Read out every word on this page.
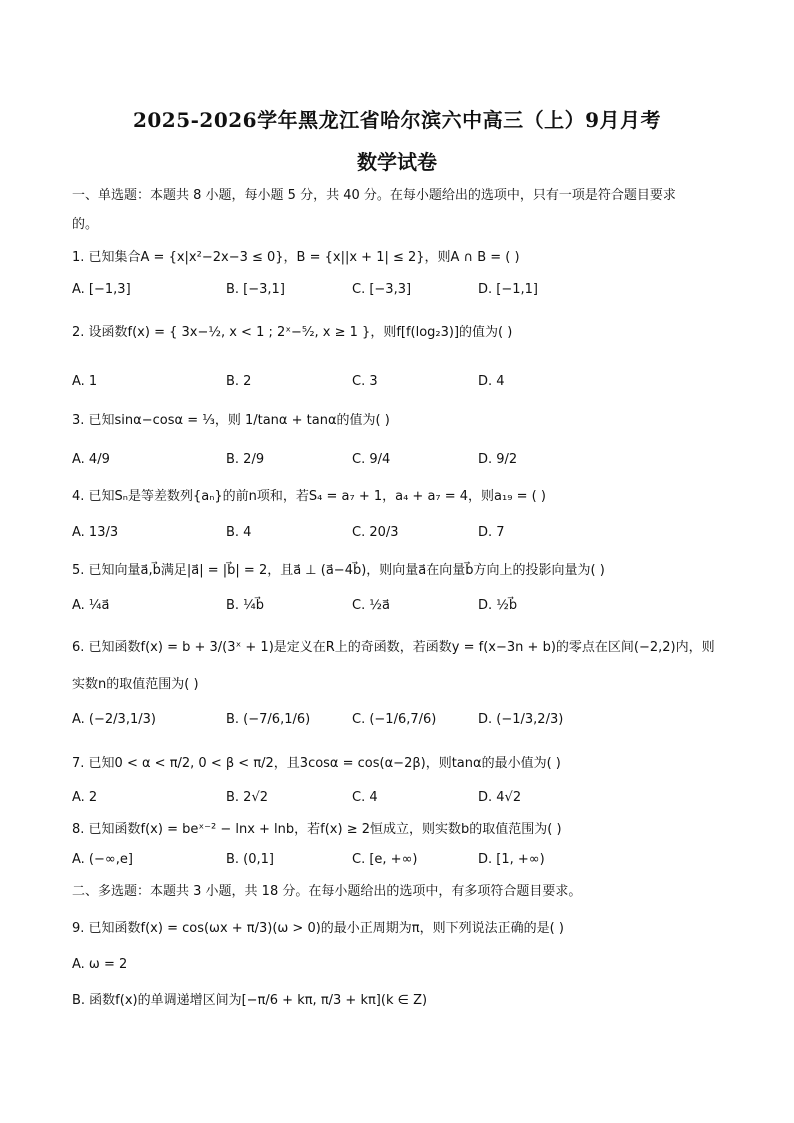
2025-2026学年黑龙江省哈尔滨六中高三（上）9月月考
数学试卷
一、单选题：本题共 8 小题，每小题 5 分，共 40 分。在每小题给出的选项中，只有一项是符合题目要求
的。
1. 已知集合A = {x|x²−2x−3 ≤ 0}，B = {x||x + 1| ≤ 2}，则A ∩ B = ( )
A. [−1,3]	B. [−3,1]	C. [−3,3]	D. [−1,1]
2. 设函数f(x) = { 3x−½, x < 1 ; 2ˣ−⁵⁄₂, x ≥ 1 }，则f[f(log₂3)]的值为( )
A. 1	B. 2	C. 3	D. 4
3. 已知sinα−cosα = ⅓，则 1/tanα + tanα的值为( )
A. 4/9	B. 2/9	C. 9/4	D. 9/2
4. 已知Sₙ是等差数列{aₙ}的前n项和，若S₄ = a₇ + 1，a₄ + a₇ = 4，则a₁₉ = ( )
A. 13/3	B. 4	C. 20/3	D. 7
5. 已知向量a⃗,b⃗满足|a⃗| = |b⃗| = 2，且a⃗ ⊥ (a⃗−4b⃗)，则向量a⃗在向量b⃗方向上的投影向量为( )
A. ¼a⃗	B. ¼b⃗	C. ½a⃗	D. ½b⃗
6. 已知函数f(x) = b + 3/(3ˣ + 1)是定义在R上的奇函数，若函数y = f(x−3n + b)的零点在区间(−2,2)内，则
实数n的取值范围为( )
A. (−2/3,1/3)	B. (−7/6,1/6)	C. (−1/6,7/6)	D. (−1/3,2/3)
7. 已知0 < α < π/2, 0 < β < π/2，且3cosα = cos(α−2β)，则tanα的最小值为( )
A. 2	B. 2√2	C. 4	D. 4√2
8. 已知函数f(x) = beˣ⁻² − lnx + lnb，若f(x) ≥ 2恒成立，则实数b的取值范围为( )
A. (−∞,e]	B. (0,1]	C. [e, +∞)	D. [1, +∞)
二、多选题：本题共 3 小题，共 18 分。在每小题给出的选项中，有多项符合题目要求。
9. 已知函数f(x) = cos(ωx + π/3)(ω > 0)的最小正周期为π，则下列说法正确的是( )
A. ω = 2
B. 函数f(x)的单调递增区间为[−π/6 + kπ, π/3 + kπ](k ∈ Z)
